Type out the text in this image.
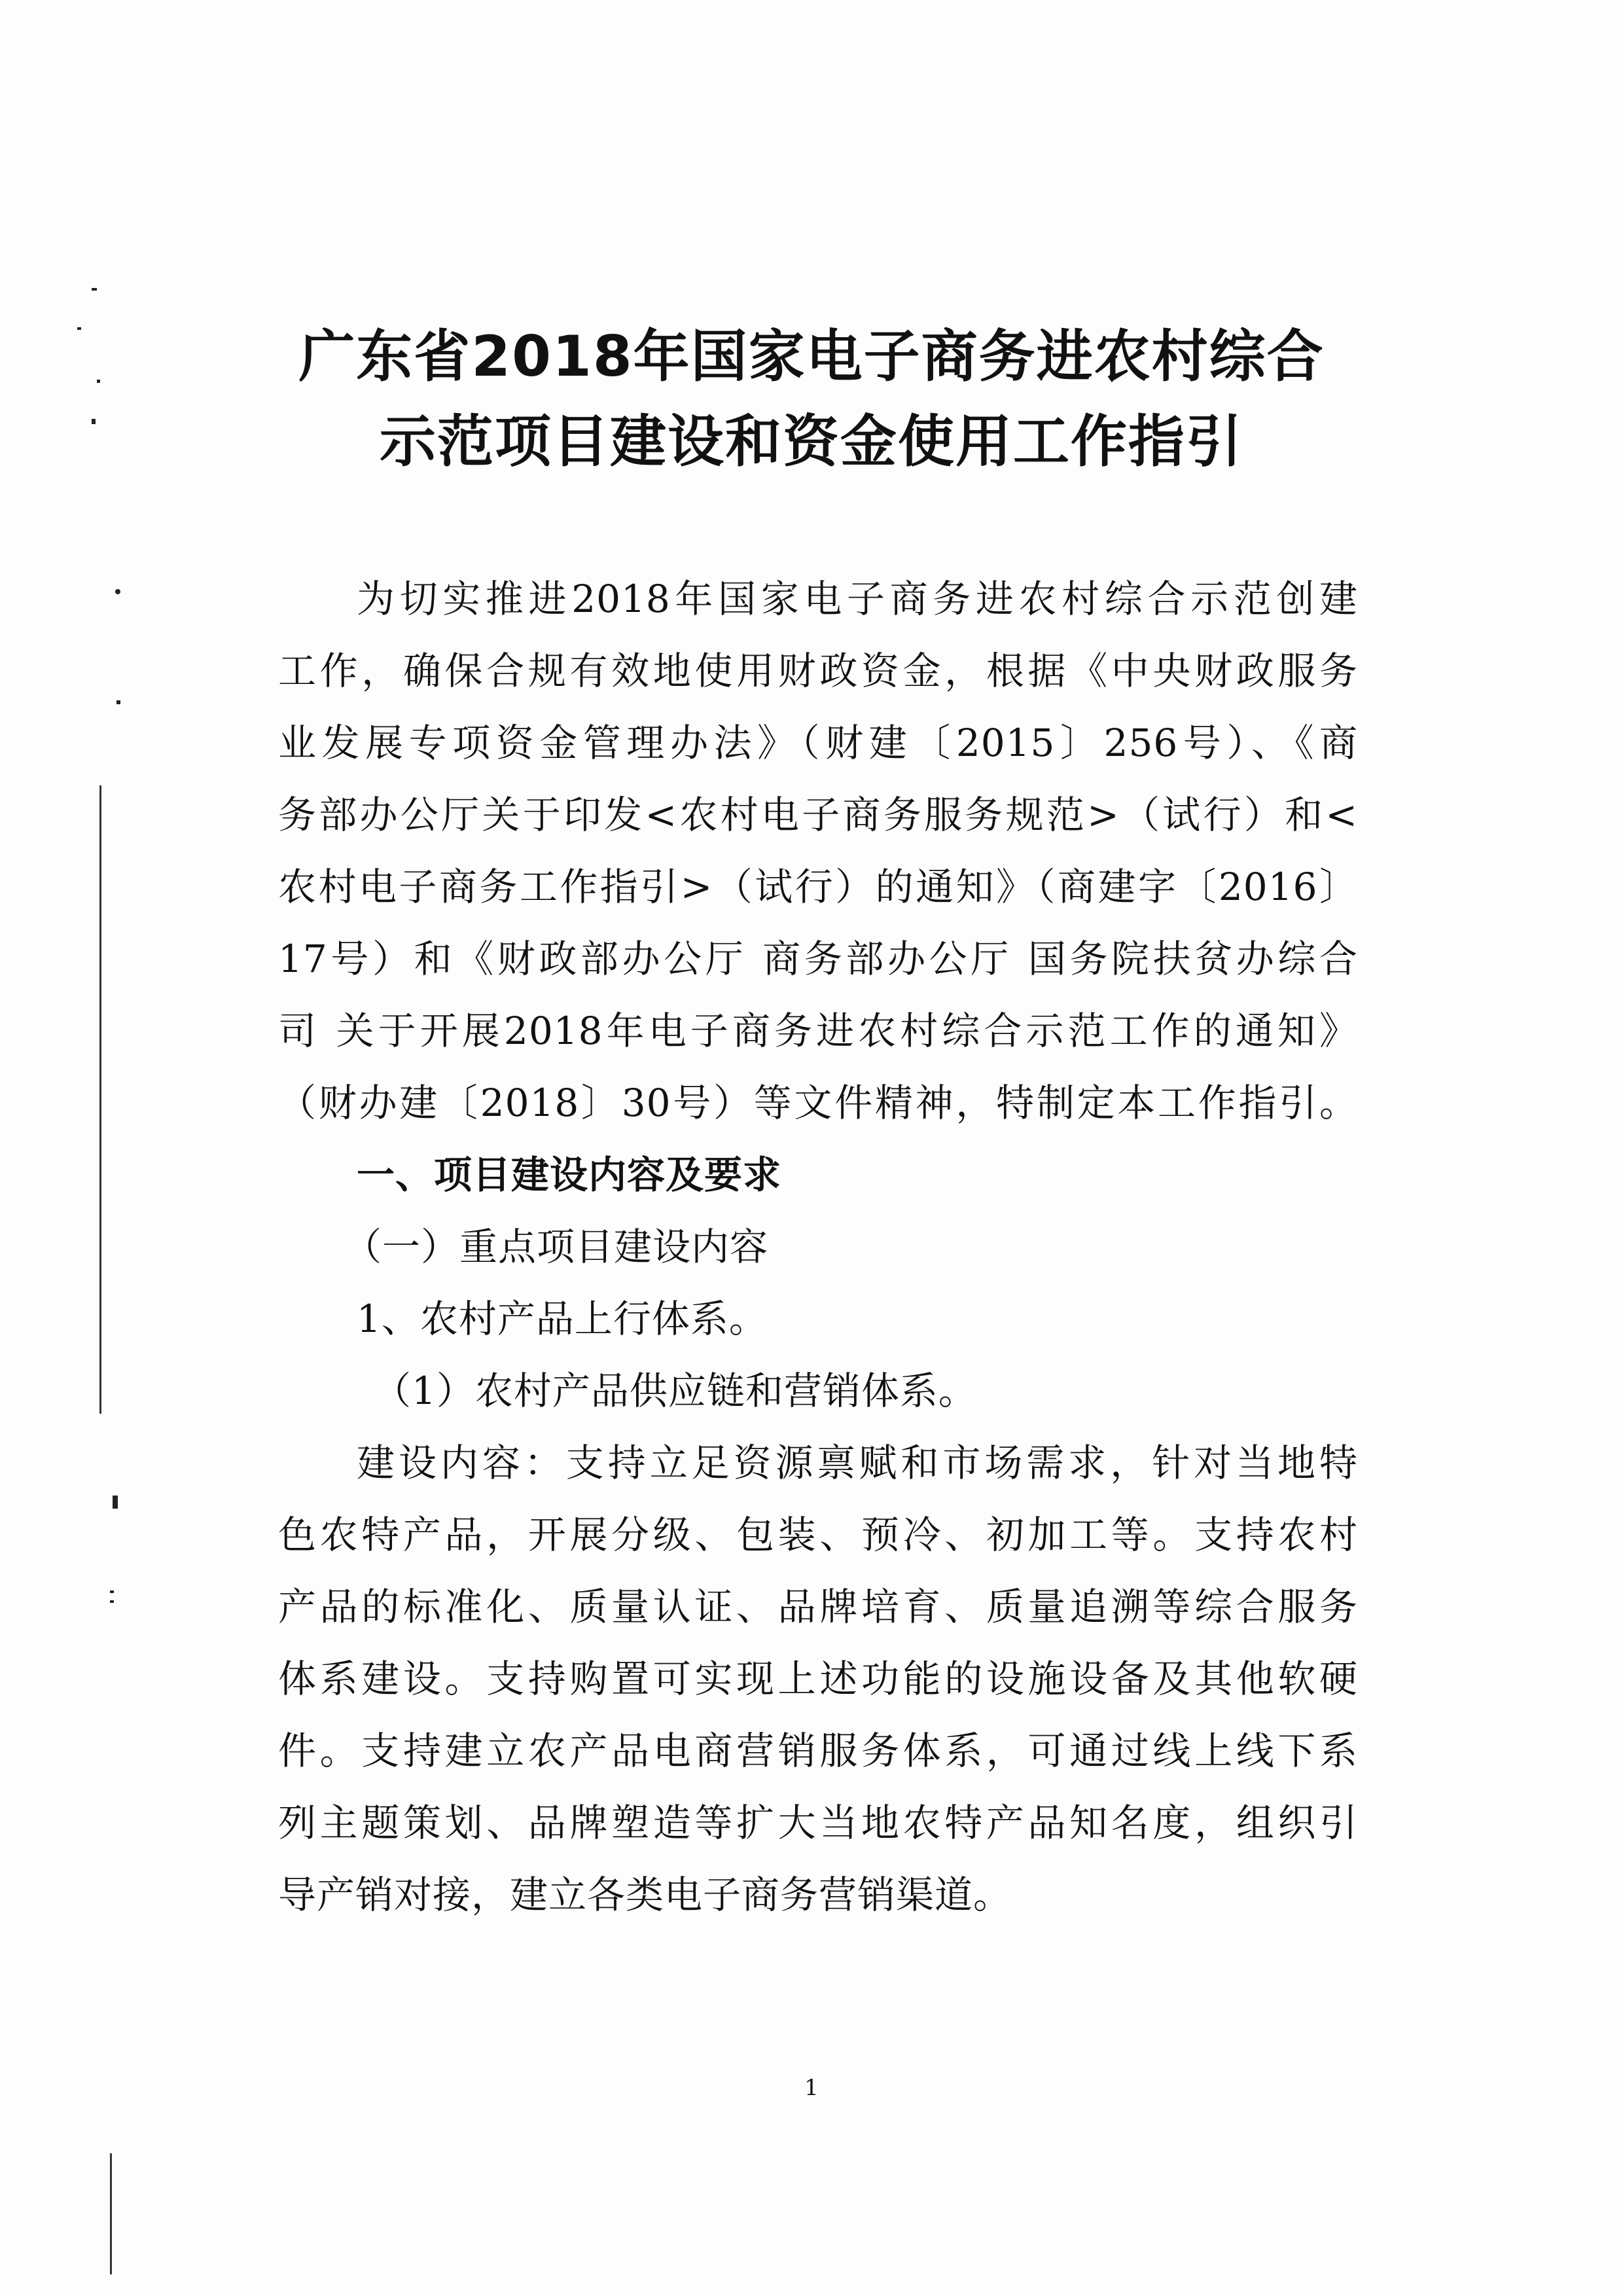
广东省2018年国家电子商务进农村综合
示范项目建设和资金使用工作指引
为切实推进2018年国家电子商务进农村综合示范创建
工作，确保合规有效地使用财政资金，根据《中央财政服务
业发展专项资金管理办法》（财建〔2015〕256号）、《商
务部办公厅关于印发<农村电子商务服务规范>（试行）和<
农村电子商务工作指引>（试行）的通知》（商建字〔2016〕
17号）和《财政部办公厅 商务部办公厅 国务院扶贫办综合
司 关于开展2018年电子商务进农村综合示范工作的通知》
（财办建〔2018〕30号）等文件精神，特制定本工作指引。
一、项目建设内容及要求
（一）重点项目建设内容
1、农村产品上行体系。
（1）农村产品供应链和营销体系。
建设内容：支持立足资源禀赋和市场需求，针对当地特
色农特产品，开展分级、包装、预冷、初加工等。支持农村
产品的标准化、质量认证、品牌培育、质量追溯等综合服务
体系建设。支持购置可实现上述功能的设施设备及其他软硬
件。支持建立农产品电商营销服务体系，可通过线上线下系
列主题策划、品牌塑造等扩大当地农特产品知名度，组织引
导产销对接，建立各类电子商务营销渠道。
1
